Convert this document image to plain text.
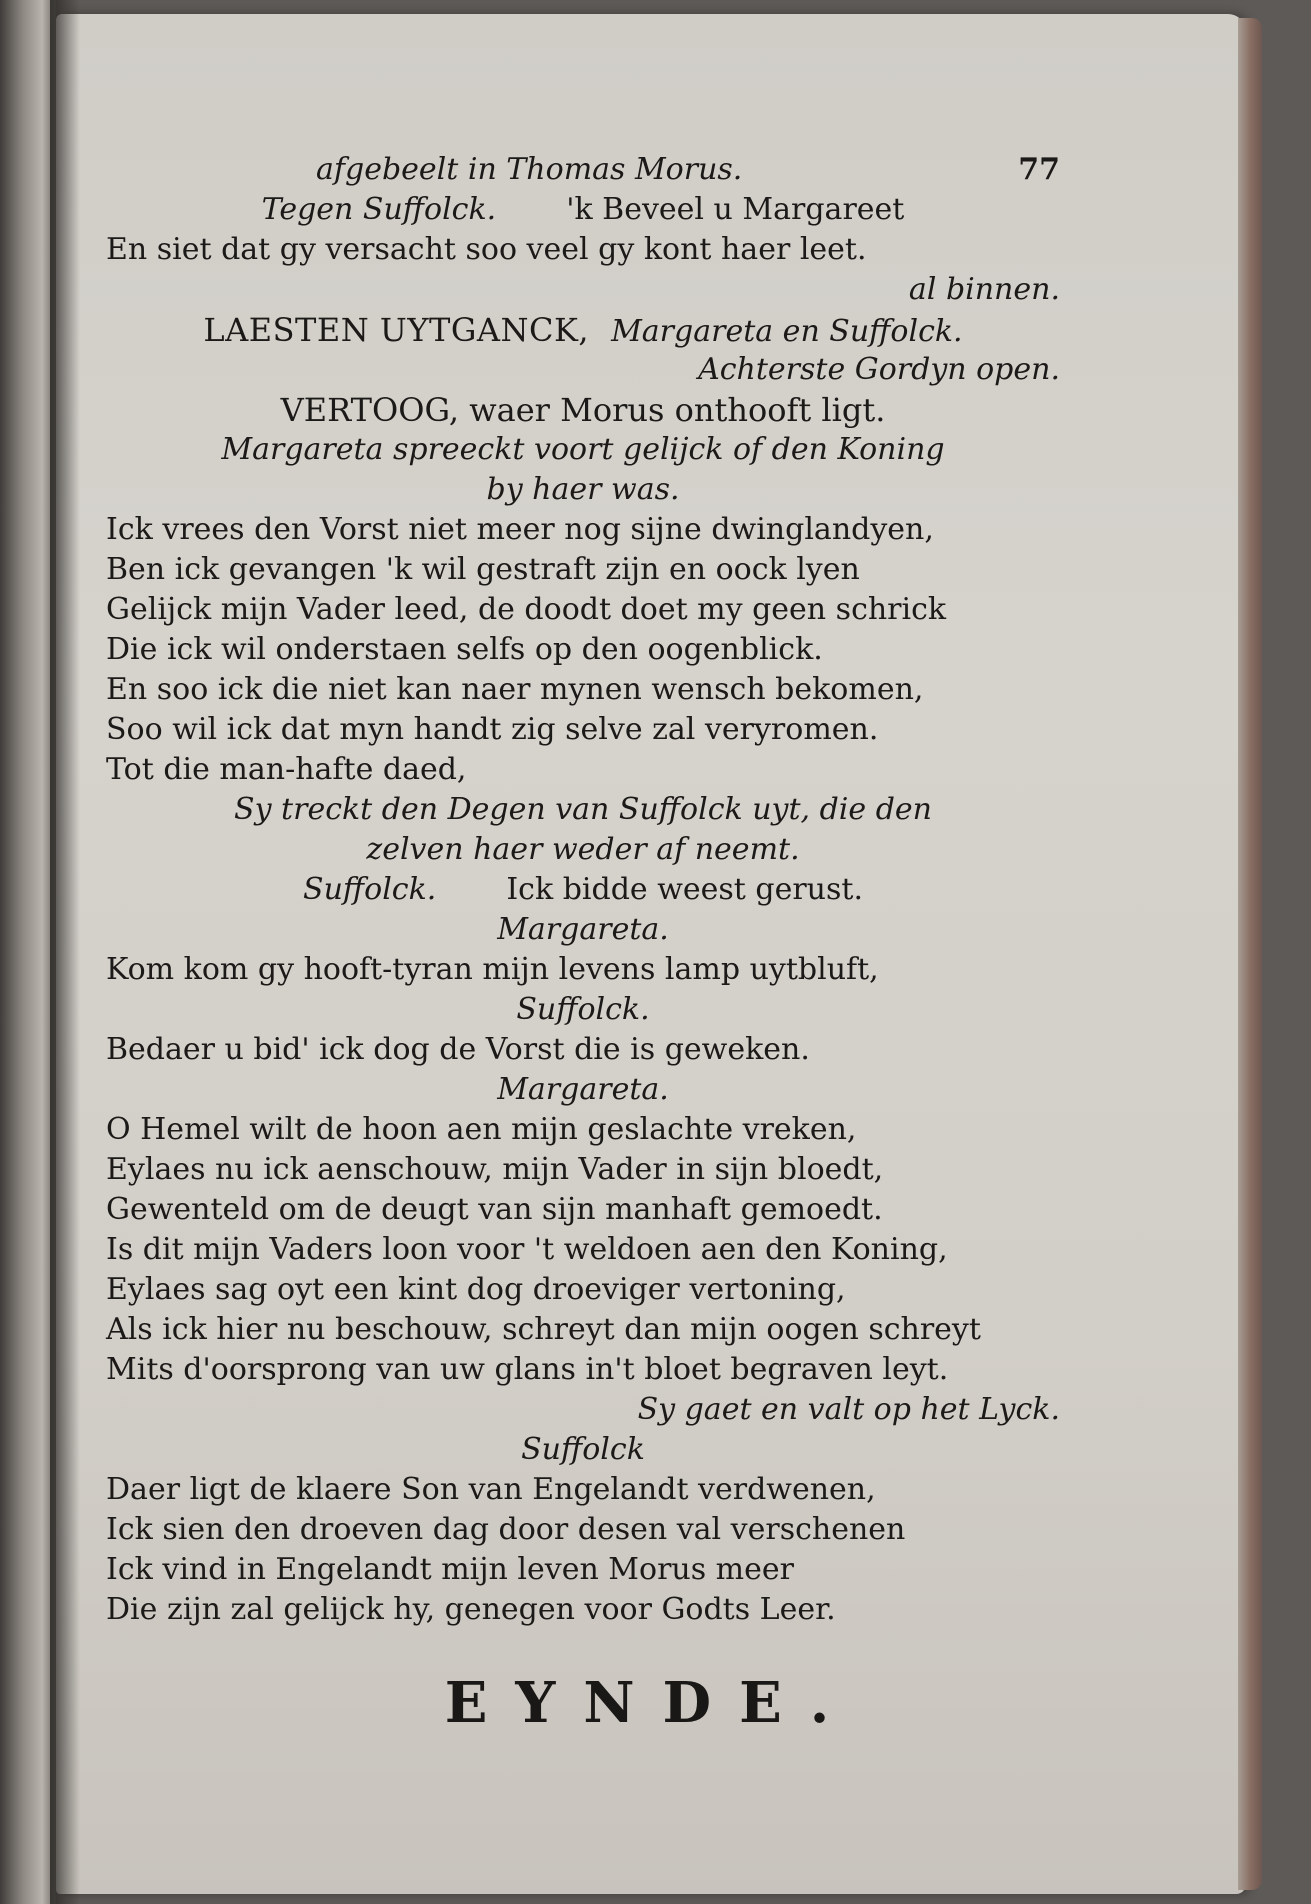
afgebeelt in Thomas Morus.	77
Tegen Suffolck. 'k Beveel u Margareet
En siet dat gy versacht soo veel gy kont haer leet.
al binnen.
LAESTEN UYTGANCK, Margareta en Suffolck.
Achterste Gordyn open.
VERTOOG, waer Morus onthooft ligt.
Margareta spreeckt voort gelijck of den Koning
by haer was.
Ick vrees den Vorst niet meer nog sijne dwinglandyen,
Ben ick gevangen 'k wil gestraft zijn en oock lyen
Gelijck mijn Vader leed, de doodt doet my geen schrick
Die ick wil onderstaen selfs op den oogenblick.
En soo ick die niet kan naer mynen wensch bekomen,
Soo wil ick dat myn handt zig selve zal veryromen.
Tot die man-hafte daed,
Sy treckt den Degen van Suffolck uyt, die den
zelven haer weder af neemt.
Suffolck. Ick bidde weest gerust.
Margareta.
Kom kom gy hooft-tyran mijn levens lamp uytbluft,
Suffolck.
Bedaer u bid' ick dog de Vorst die is geweken.
Margareta.
O Hemel wilt de hoon aen mijn geslachte vreken,
Eylaes nu ick aenschouw, mijn Vader in sijn bloedt,
Gewenteld om de deugt van sijn manhaft gemoedt.
Is dit mijn Vaders loon voor 't weldoen aen den Koning,
Eylaes sag oyt een kint dog droeviger vertoning,
Als ick hier nu beschouw, schreyt dan mijn oogen schreyt
Mits d'oorsprong van uw glans in't bloet begraven leyt.
Sy gaet en valt op het Lyck.
Suffolck
Daer ligt de klaere Son van Engelandt verdwenen,
Ick sien den droeven dag door desen val verschenen
Ick vind in Engelandt mijn leven Morus meer
Die zijn zal gelijck hy, genegen voor Godts Leer.
EYNDE.
